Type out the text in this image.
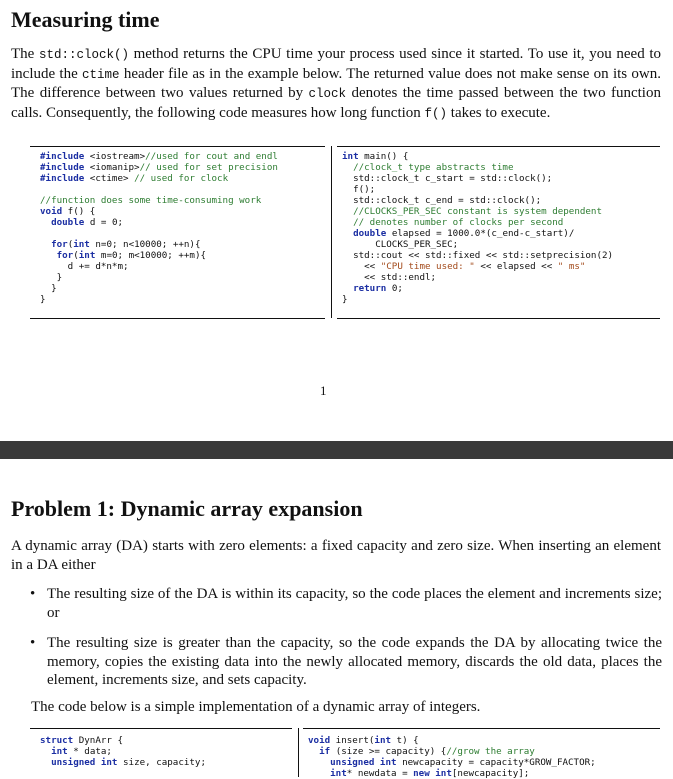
Measuring time

The std::clock() method returns the CPU time your process used since it started. To use it, you need to include the ctime header file as in the example below. The returned value does not make sense on its own. The difference between two values returned by clock denotes the time passed between the two function calls. Consequently, the following code measures how long function f() takes to execute.

#include <iostream>//used for cout and endl
#include <iomanip>// used for set precision
#include <ctime> // used for clock
//function does some time-consuming work
void f() {
double d = 0;
for(int n=0; n<10000; ++n){
for(int m=0; m<10000; ++m){
d += d*n*m;
}
}
}
int main() {
//clock_t type abstracts time
std::clock_t c_start = std::clock();
f();
std::clock_t c_end = std::clock();
//CLOCKS_PER_SEC constant is system dependent
// denotes number of clocks per second
double elapsed = 1000.0*(c_end-c_start)/
CLOCKS_PER_SEC;
std::cout << std::fixed << std::setprecision(2)
<< "CPU time used: " << elapsed << " ms"
<< std::endl;
return 0;
}
1
Problem 1: Dynamic array expansion

A dynamic array (DA) starts with zero elements: a fixed capacity and zero size. When inserting an element in a DA either

• The resulting size of the DA is within its capacity, so the code places the element and increments size; or
• The resulting size is greater than the capacity, so the code expands the DA by allocating twice the memory, copies the existing data into the newly allocated memory, discards the old data, places the element, increments size, and sets capacity.

The code below is a simple implementation of a dynamic array of integers.

struct DynArr {
int * data;
unsigned int size, capacity;
void insert(int t) {
if (size >= capacity) {//grow the array
unsigned int newcapacity = capacity*GROW_FACTOR;
int* newdata = new int[newcapacity];
